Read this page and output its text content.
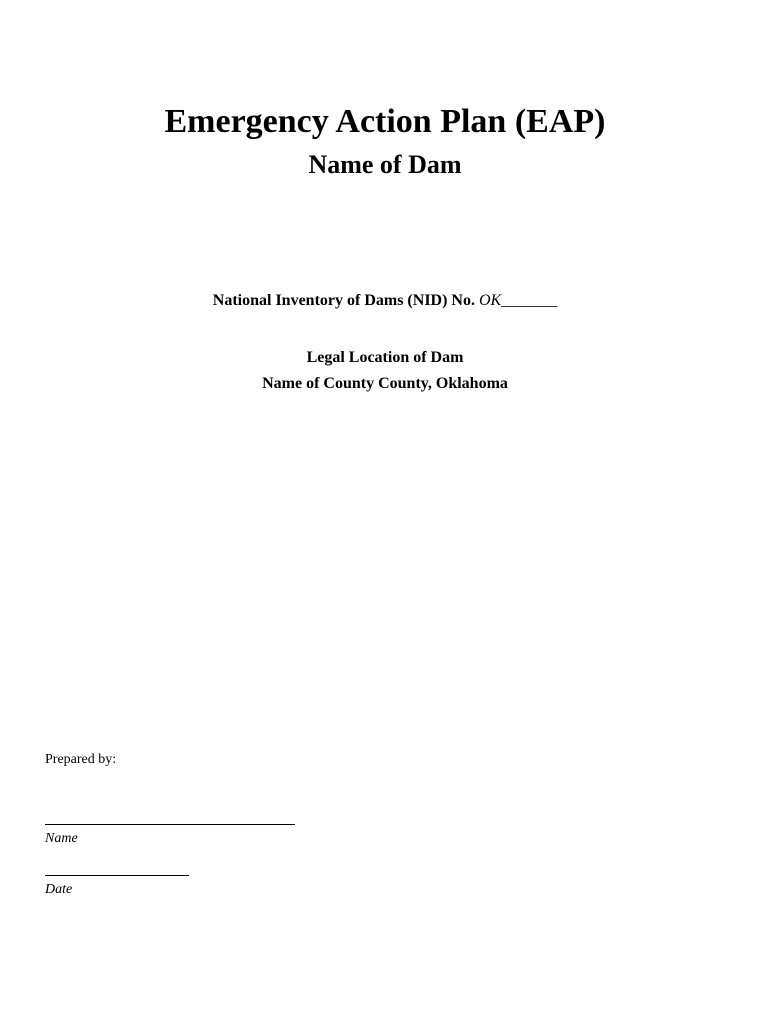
Emergency Action Plan (EAP)
Name of Dam
National Inventory of Dams (NID) No. OK_______
Legal Location of Dam
Name of County County, Oklahoma
Prepared by:
Name
Date
